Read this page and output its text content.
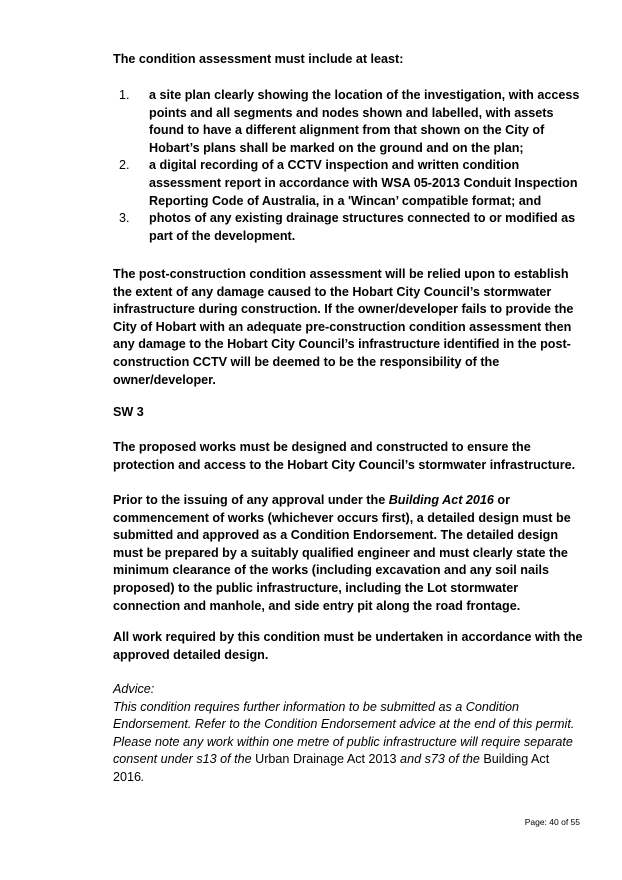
The condition assessment must include at least:
1. a site plan clearly showing the location of the investigation, with access points and all segments and nodes shown and labelled, with assets found to have a different alignment from that shown on the City of Hobart’s plans shall be marked on the ground and on the plan;
2. a digital recording of a CCTV inspection and written condition assessment report in accordance with WSA 05-2013 Conduit Inspection Reporting Code of Australia, in a 'Wincan’ compatible format; and
3. photos of any existing drainage structures connected to or modified as part of the development.
The post-construction condition assessment will be relied upon to establish the extent of any damage caused to the Hobart City Council’s stormwater infrastructure during construction. If the owner/developer fails to provide the City of Hobart with an adequate pre-construction condition assessment then any damage to the Hobart City Council’s infrastructure identified in the post-construction CCTV will be deemed to be the responsibility of the owner/developer.
SW 3
The proposed works must be designed and constructed to ensure the protection and access to the Hobart City Council’s stormwater infrastructure.
Prior to the issuing of any approval under the Building Act 2016 or commencement of works (whichever occurs first), a detailed design must be submitted and approved as a Condition Endorsement. The detailed design must be prepared by a suitably qualified engineer and must clearly state the minimum clearance of the works (including excavation and any soil nails proposed) to the public infrastructure, including the Lot stormwater connection and manhole, and side entry pit along the road frontage.
All work required by this condition must be undertaken in accordance with the approved detailed design.
Advice:
This condition requires further information to be submitted as a Condition Endorsement. Refer to the Condition Endorsement advice at the end of this permit. Please note any work within one metre of public infrastructure will require separate consent under s13 of the Urban Drainage Act 2013 and s73 of the Building Act 2016.
Page: 40 of 55
